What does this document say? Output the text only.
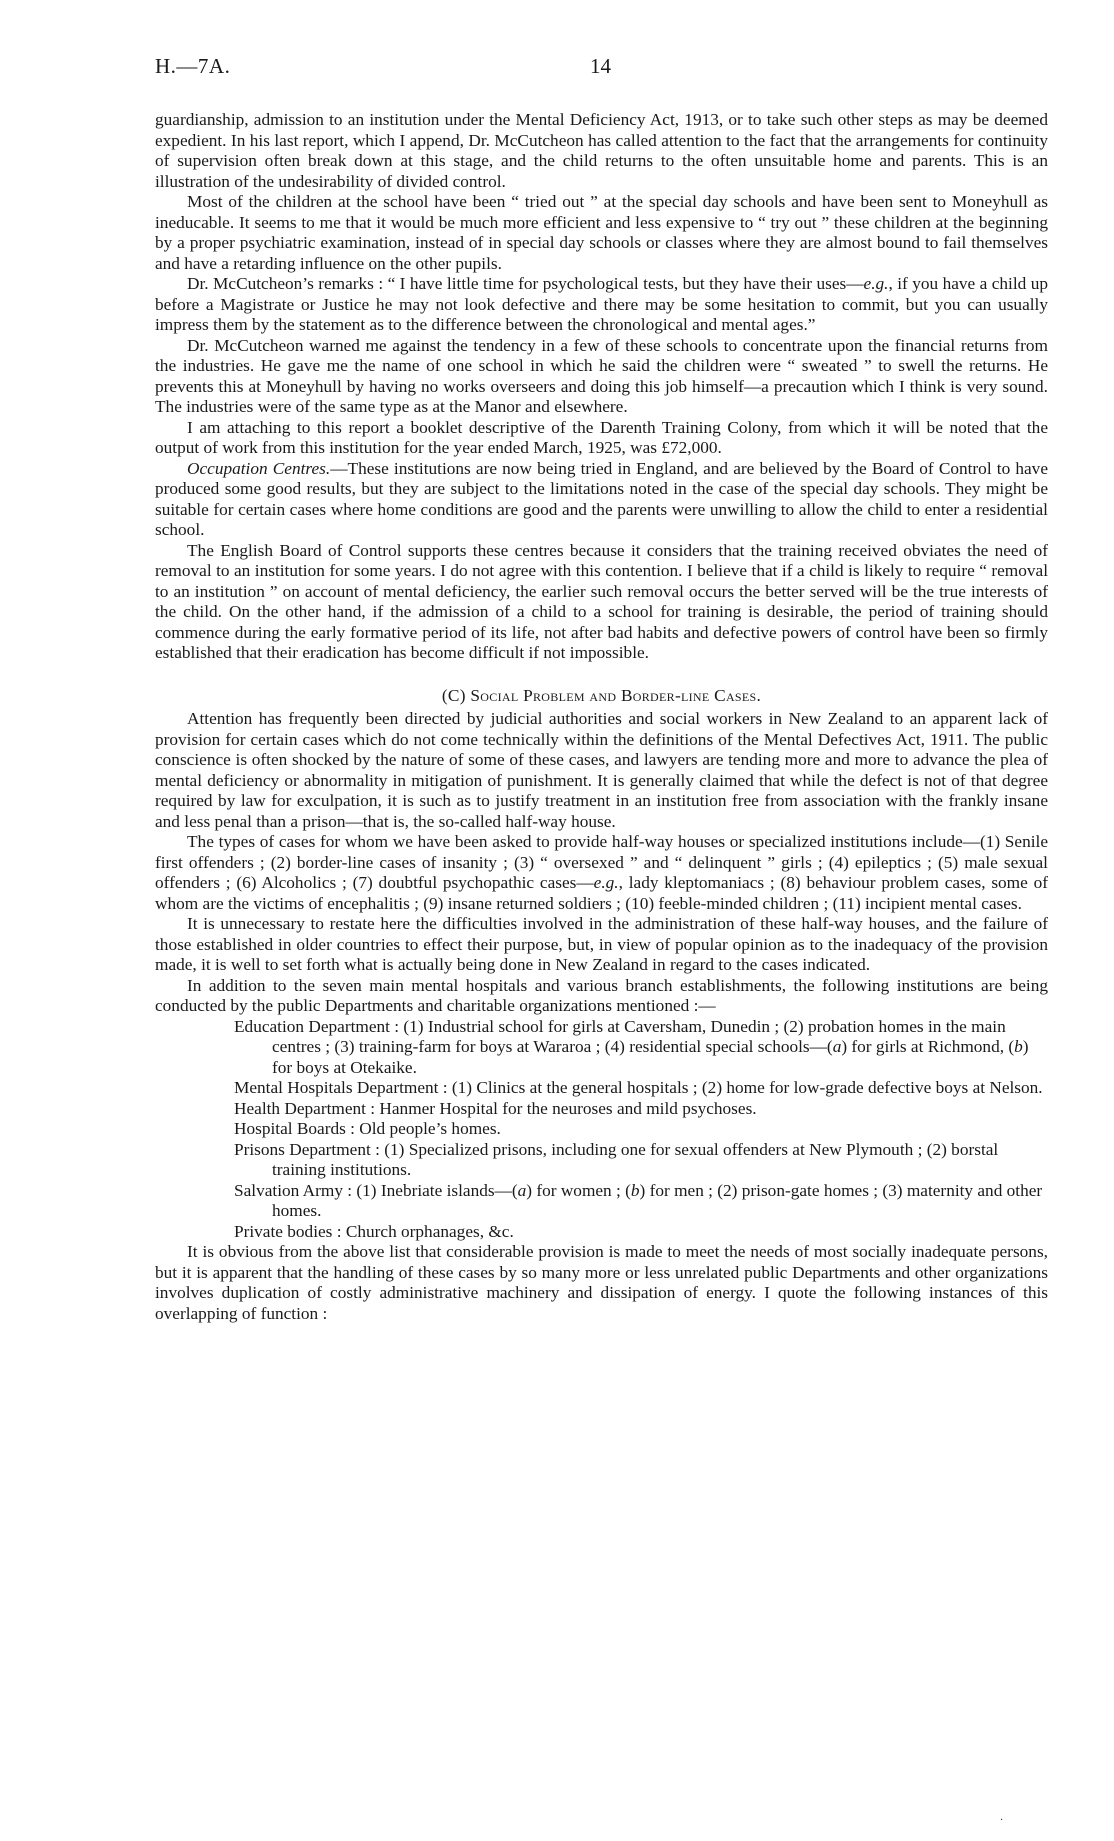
H.—7A.	14

guardianship, admission to an institution under the Mental Deficiency Act, 1913, or to take such other steps as may be deemed expedient. In his last report, which I append, Dr. McCutcheon has called attention to the fact that the arrangements for continuity of supervision often break down at this stage, and the child returns to the often unsuitable home and parents. This is an illustration of the undesirability of divided control.

Most of the children at the school have been “ tried out ” at the special day schools and have been sent to Moneyhull as ineducable. It seems to me that it would be much more efficient and less expensive to “ try out ” these children at the beginning by a proper psychiatric examination, instead of in special day schools or classes where they are almost bound to fail themselves and have a retarding influence on the other pupils.

Dr. McCutcheon’s remarks : “ I have little time for psychological tests, but they have their uses—e.g., if you have a child up before a Magistrate or Justice he may not look defective and there may be some hesitation to commit, but you can usually impress them by the statement as to the difference between the chronological and mental ages.”

Dr. McCutcheon warned me against the tendency in a few of these schools to concentrate upon the financial returns from the industries. He gave me the name of one school in which he said the children were “ sweated ” to swell the returns. He prevents this at Moneyhull by having no works overseers and doing this job himself—a precaution which I think is very sound. The industries were of the same type as at the Manor and elsewhere.

I am attaching to this report a booklet descriptive of the Darenth Training Colony, from which it will be noted that the output of work from this institution for the year ended March, 1925, was £72,000.

Occupation Centres.—These institutions are now being tried in England, and are believed by the Board of Control to have produced some good results, but they are subject to the limitations noted in the case of the special day schools. They might be suitable for certain cases where home conditions are good and the parents were unwilling to allow the child to enter a residential school.

The English Board of Control supports these centres because it considers that the training received obviates the need of removal to an institution for some years. I do not agree with this contention. I believe that if a child is likely to require “ removal to an institution ” on account of mental deficiency, the earlier such removal occurs the better served will be the true interests of the child. On the other hand, if the admission of a child to a school for training is desirable, the period of training should commence during the early formative period of its life, not after bad habits and defective powers of control have been so firmly established that their eradication has become difficult if not impossible.

(C) Social Problem and Border-line Cases.

Attention has frequently been directed by judicial authorities and social workers in New Zealand to an apparent lack of provision for certain cases which do not come technically within the definitions of the Mental Defectives Act, 1911. The public conscience is often shocked by the nature of some of these cases, and lawyers are tending more and more to advance the plea of mental deficiency or abnormality in mitigation of punishment. It is generally claimed that while the defect is not of that degree required by law for exculpation, it is such as to justify treatment in an institution free from association with the frankly insane and less penal than a prison—that is, the so-called half-way house.

The types of cases for whom we have been asked to provide half-way houses or specialized institutions include—(1) Senile first offenders ; (2) border-line cases of insanity ; (3) “ oversexed ” and “ delinquent ” girls ; (4) epileptics ; (5) male sexual offenders ; (6) Alcoholics ; (7) doubtful psychopathic cases—e.g., lady kleptomaniacs ; (8) behaviour problem cases, some of whom are the victims of encephalitis ; (9) insane returned soldiers ; (10) feeble-minded children ; (11) incipient mental cases.

It is unnecessary to restate here the difficulties involved in the administration of these half-way houses, and the failure of those established in older countries to effect their purpose, but, in view of popular opinion as to the inadequacy of the provision made, it is well to set forth what is actually being done in New Zealand in regard to the cases indicated.

In addition to the seven main mental hospitals and various branch establishments, the following institutions are being conducted by the public Departments and charitable organizations mentioned :—

Education Department : (1) Industrial school for girls at Caversham, Dunedin ; (2) probation homes in the main centres ; (3) training-farm for boys at Wararoa ; (4) residential special schools—(a) for girls at Richmond, (b) for boys at Otekaike.
Mental Hospitals Department : (1) Clinics at the general hospitals ; (2) home for low-grade defective boys at Nelson.
Health Department : Hanmer Hospital for the neuroses and mild psychoses.
Hospital Boards : Old people’s homes.
Prisons Department : (1) Specialized prisons, including one for sexual offenders at New Plymouth ; (2) borstal training institutions.
Salvation Army : (1) Inebriate islands—(a) for women ; (b) for men ; (2) prison-gate homes ; (3) maternity and other homes.
Private bodies : Church orphanages, &c.

It is obvious from the above list that considerable provision is made to meet the needs of most socially inadequate persons, but it is apparent that the handling of these cases by so many more or less unrelated public Departments and other organizations involves duplication of costly administrative machinery and dissipation of energy. I quote the following instances of this overlapping of function :

·
